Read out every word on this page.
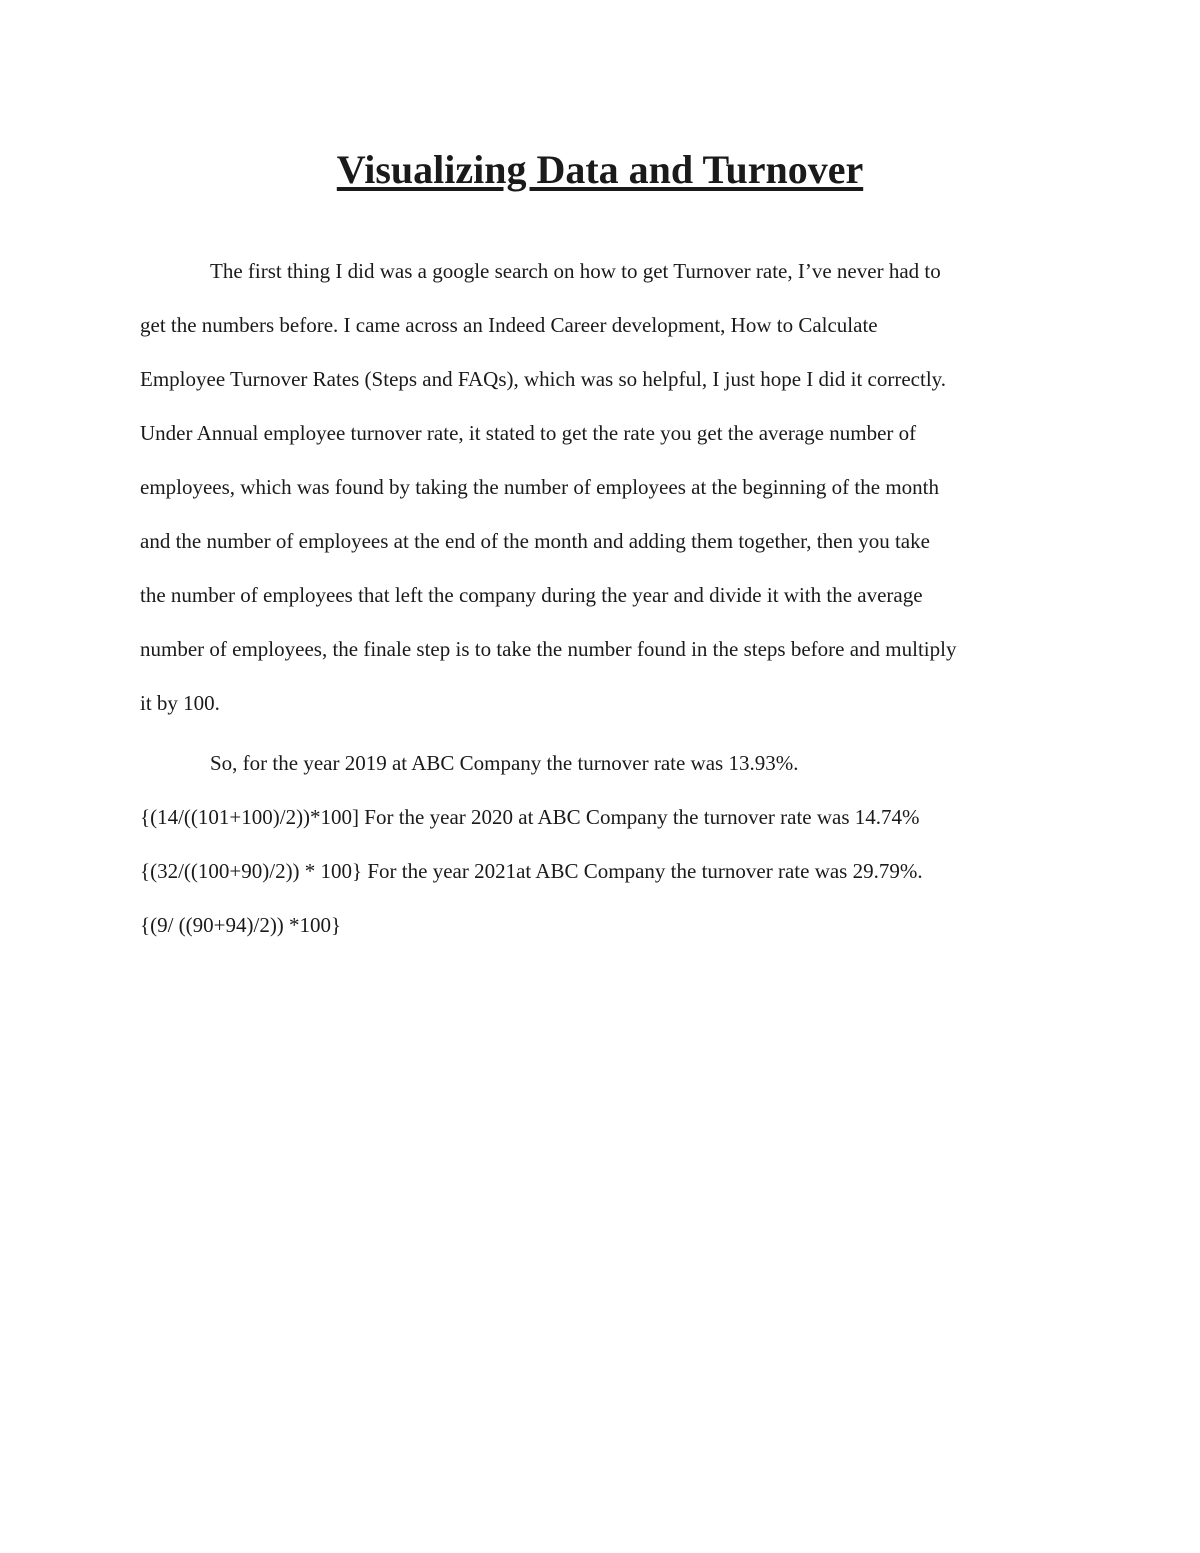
Visualizing Data and Turnover
The first thing I did was a google search on how to get Turnover rate, I’ve never had to
get the numbers before. I came across an Indeed Career development, How to Calculate
Employee Turnover Rates (Steps and FAQs), which was so helpful, I just hope I did it correctly.
Under Annual employee turnover rate, it stated to get the rate you get the average number of
employees, which was found by taking the number of employees at the beginning of the month
and the number of employees at the end of the month and adding them together, then you take
the number of employees that left the company during the year and divide it with the average
number of employees, the finale step is to take the number found in the steps before and multiply
it by 100.
So, for the year 2019 at ABC Company the turnover rate was 13.93%.
{(14/((101+100)/2))*100] For the year 2020 at ABC Company the turnover rate was 14.74%
{(32/((100+90)/2)) * 100} For the year 2021at ABC Company the turnover rate was 29.79%.
{(9/ ((90+94)/2)) *100}
